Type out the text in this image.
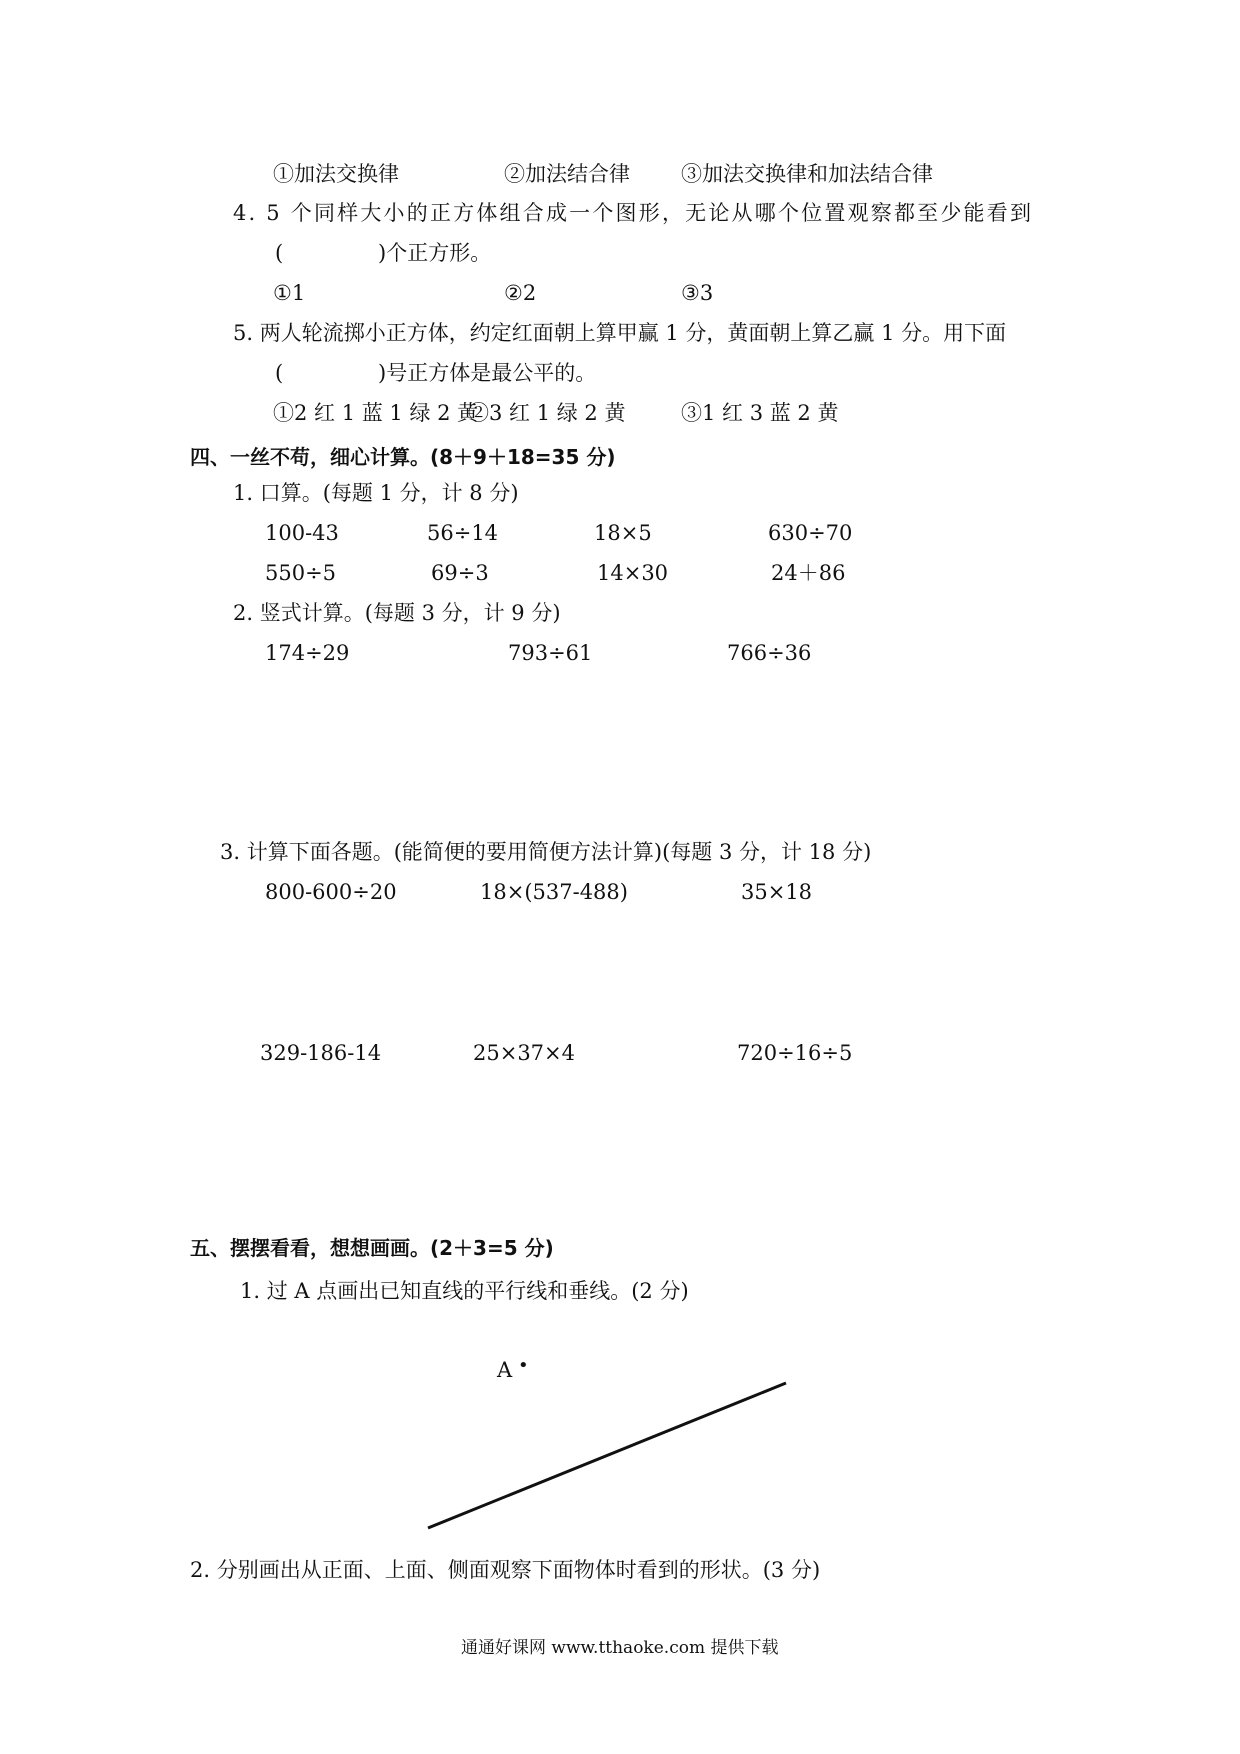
①加法交换律	②加法结合律 ③加法交换律和加法结合律
4. 5 个同样大小的正方体组合成一个图形，无论从哪个位置观察都至少能看到
(	)个正方形。
①1	②2	③3
5. 两人轮流掷小正方体，约定红面朝上算甲赢 1 分，黄面朝上算乙赢 1 分。用下面
(	)号正方体是最公平的。
①2 红 1 蓝 1 绿 2 黄
②3 红 1 绿 2 黄	③1 红 3 蓝 2 黄
四、一丝不苟，细心计算。(8＋9＋18=35 分)
1. 口算。(每题 1 分，计 8 分)
100-43	56÷14	18×5	630÷70
550÷5	69÷3	14×30	24＋86
2. 竖式计算。(每题 3 分，计 9 分)
174÷29	793÷61	766÷36
3. 计算下面各题。(能简便的要用简便方法计算)(每题 3 分，计 18 分)
800-600÷20	18×(537-488)	35×18
329-186-14	25×37×4	720÷16÷5
五、摆摆看看，想想画画。(2＋3=5 分)
1. 过 A 点画出已知直线的平行线和垂线。(2 分)
A •
2. 分别画出从正面、上面、侧面观察下面物体时看到的形状。(3 分)
通通好课网 www.tthaoke.com 提供下载
